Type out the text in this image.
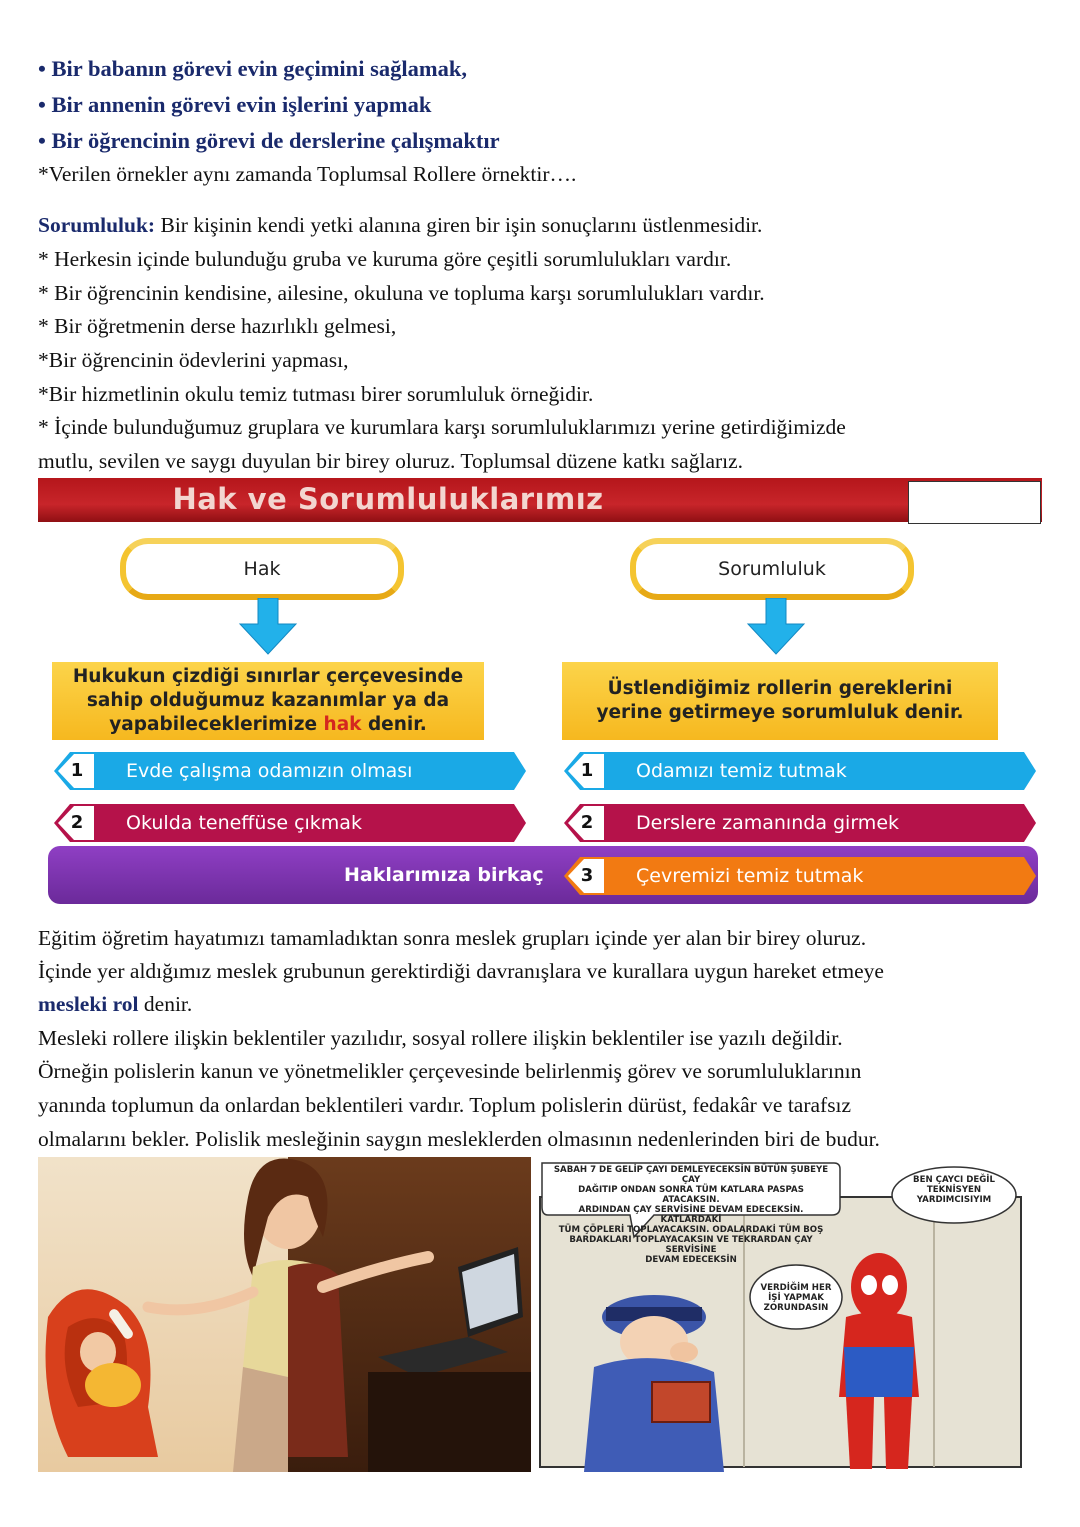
• Bir babanın görevi evin geçimini sağlamak,
• Bir annenin görevi evin işlerini yapmak
• Bir öğrencinin görevi de derslerine çalışmaktır
*Verilen örnekler aynı zamanda Toplumsal Rollere örnektir….
Sorumluluk: Bir kişinin kendi yetki alanına giren bir işin sonuçlarını üstlenmesidir.
* Herkesin içinde bulunduğu gruba ve kuruma göre çeşitli sorumlulukları vardır.
* Bir öğrencinin kendisine, ailesine, okuluna ve topluma karşı sorumlulukları vardır.
* Bir öğretmenin derse hazırlıklı gelmesi,
*Bir öğrencinin ödevlerini yapması,
*Bir hizmetlinin okulu temiz tutması birer sorumluluk örneğidir.
* İçinde bulunduğumuz gruplara ve kurumlara karşı sorumluluklarımızı yerine getirdiğimizde
mutlu, sevilen ve saygı duyulan bir birey oluruz. Toplumsal düzene katkı sağlarız.
Hak ve Sorumluluklarımız
Hak	Sorumluluk
Hukukun çizdiği sınırlar çerçevesinde
sahip olduğumuz kazanımlar ya da
yapabileceklerimize hak denir.
Üstlendiğimiz rollerin gereklerini
yerine getirmeye sorumluluk denir.
Haklarımıza birkaç
1	Evde çalışma odamızın olması
2	Okulda teneffüse çıkmak
1	Odamızı temiz tutmak
2	Derslere zamanında girmek
3	Çevremizi temiz tutmak
Eğitim öğretim hayatımızı tamamladıktan sonra meslek grupları içinde yer alan bir birey oluruz.
İçinde yer aldığımız meslek grubunun gerektirdiği davranışlara ve kurallara uygun hareket etmeye
mesleki rol denir.
Mesleki rollere ilişkin beklentiler yazılıdır, sosyal rollere ilişkin beklentiler ise yazılı değildir.
Örneğin polislerin kanun ve yönetmelikler çerçevesinde belirlenmiş görev ve sorumluluklarının
yanında toplumun da onlardan beklentileri vardır. Toplum polislerin dürüst, fedakâr ve tarafsız
olmalarını bekler. Polislik mesleğinin saygın mesleklerden olmasının nedenlerinden biri de budur.
SABAH 7 DE GELİP ÇAYI DEMLEYECEKSİN BÜTÜN ŞUBEYE ÇAY
DAĞITIP ONDAN SONRA TÜM KATLARA PASPAS ATACAKSIN.
ARDINDAN ÇAY SERVİSİNE DEVAM EDECEKSİN. KATLARDAKİ
TÜM ÇÖPLERİ TOPLAYACAKSIN. ODALARDAKİ TÜM BOŞ
BARDAKLARI TOPLAYACAKSIN VE TEKRARDAN ÇAY SERVİSİNE
DEVAM EDECEKSİN
BEN ÇAYCI DEĞİL
TEKNİSYEN
YARDIMCISIYIM
VERDİĞİM HER
İŞİ YAPMAK
ZORUNDASIN
